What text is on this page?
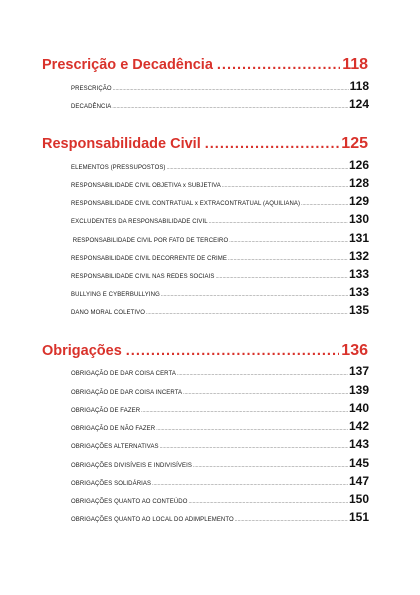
Prescrição e Decadência .....	118
PRESCRIÇÃO .....	118
DECADÊNCIA .....	124
Responsabilidade Civil .....	125
ELEMENTOS (PRESSUPOSTOS) .....	126
RESPONSABILIDADE CIVIL OBJETIVA x SUBJETIVA .....	128
RESPONSABILIDADE CIVIL CONTRATUAL x EXTRACONTRATUAL (AQUILIANA) .....	129
EXCLUDENTES DA RESPONSABILIDADE CIVIL .....	130
RESPONSABILIDADE CIVIL POR FATO DE TERCEIRO .....	131
RESPONSABILIDADE CIVIL DECORRENTE DE CRIME .....	132
RESPONSABILIDADE CIVIL NAS REDES SOCIAIS .....	133
BULLYING E CYBERBULLYING .....	133
DANO MORAL COLETIVO .....	135
Obrigações .....	136
OBRIGAÇÃO DE DAR COISA CERTA .....	137
OBRIGAÇÃO DE DAR COISA INCERTA .....	139
OBRIGAÇÃO DE FAZER .....	140
OBRIGAÇÃO DE NÃO FAZER .....	142
OBRIGAÇÕES ALTERNATIVAS .....	143
OBRIGAÇÕES DIVISÍVEIS E INDIVISÍVEIS .....	145
OBRIGAÇÕES SOLIDÁRIAS .....	147
OBRIGAÇÕES QUANTO AO CONTEÚDO .....	150
OBRIGAÇÕES QUANTO AO LOCAL DO ADIMPLEMENTO .....	151
